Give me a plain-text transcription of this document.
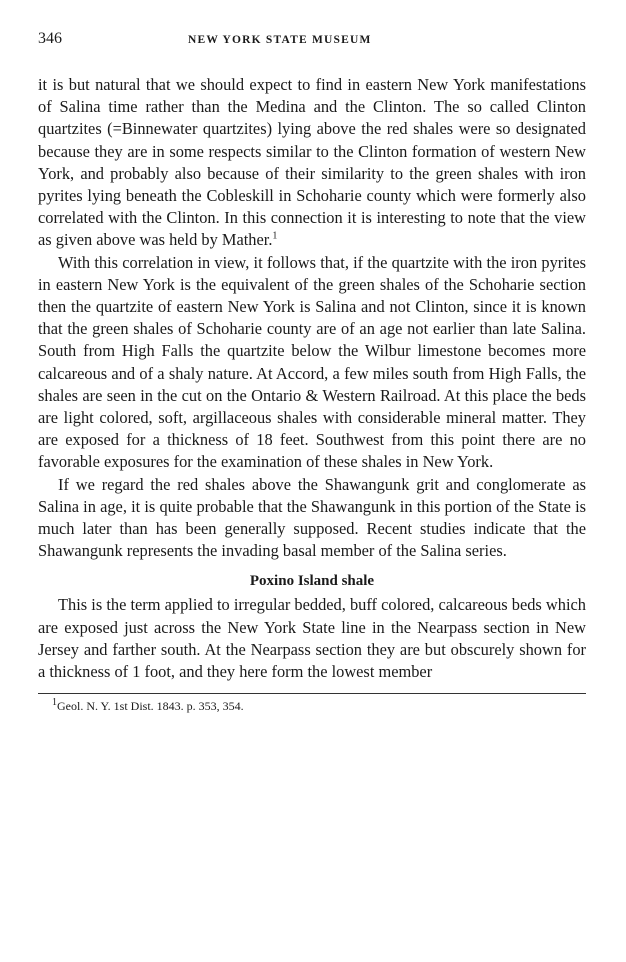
346	NEW YORK STATE MUSEUM

it is but natural that we should expect to find in eastern New York manifestations of Salina time rather than the Medina and the Clinton. The so called Clinton quartzites (=Binnewater quartzites) lying above the red shales were so designated because they are in some respects similar to the Clinton formation of western New York, and probably also because of their similarity to the green shales with iron pyrites lying beneath the Cobleskill in Schoharie county which were formerly also correlated with the Clinton. In this connection it is interesting to note that the view as given above was held by Mather.$^1$

With this correlation in view, it follows that, if the quartzite with the iron pyrites in eastern New York is the equivalent of the green shales of the Schoharie section then the quartzite of eastern New York is Salina and not Clinton, since it is known that the green shales of Schoharie county are of an age not earlier than late Salina. South from High Falls the quartzite below the Wilbur limestone becomes more calcareous and of a shaly nature. At Accord, a few miles south from High Falls, the shales are seen in the cut on the Ontario & Western Railroad. At this place the beds are light colored, soft, argillaceous shales with considerable mineral matter. They are exposed for a thickness of 18 feet. Southwest from this point there are no favorable exposures for the examination of these shales in New York.

If we regard the red shales above the Shawangunk grit and conglomerate as Salina in age, it is quite probable that the Shawangunk in this portion of the State is much later than has been generally supposed. Recent studies indicate that the Shawangunk represents the invading basal member of the Salina series.

Poxino Island shale

This is the term applied to irregular bedded, buff colored, calcareous beds which are exposed just across the New York State line in the Nearpass section in New Jersey and farther south. At the Nearpass section they are but obscurely shown for a thickness of 1 foot, and they here form the lowest member

$^1$Geol. N. Y. 1st Dist. 1843. p. 353, 354.
